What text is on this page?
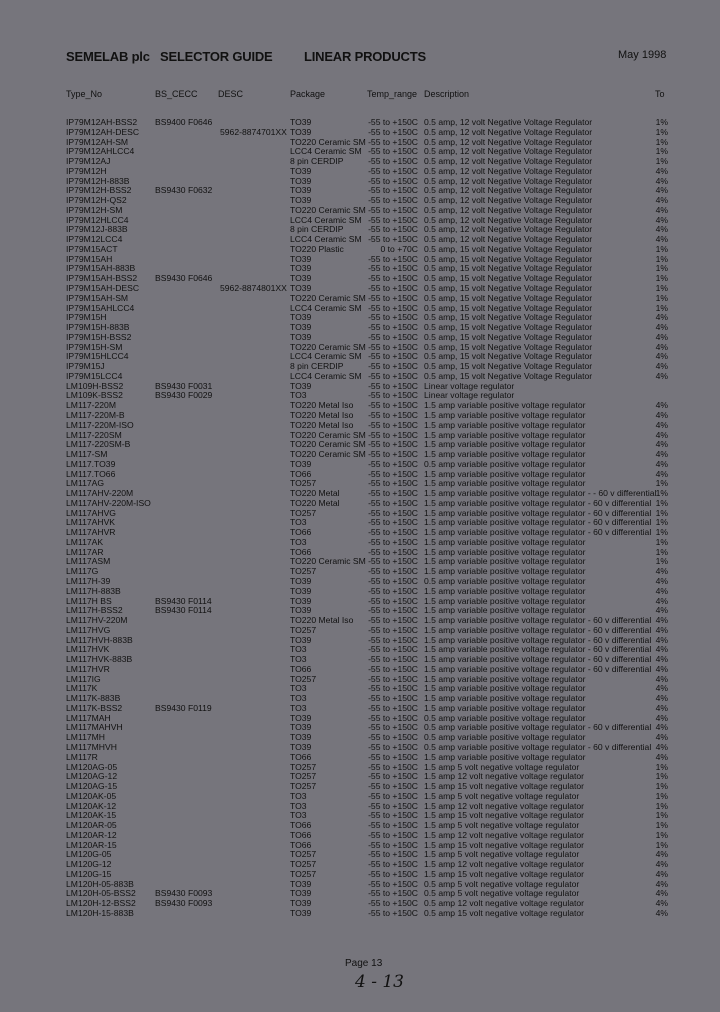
SEMELAB plc SELECTOR GUIDE LINEAR PRODUCTS	May 1998
Type_No	BS_CECC DESC	Package	Temp_range Description	To
IP79M12AH-BSS2 BS9400 F0646	TO39	-55 to +150C 0.5 amp, 12 volt Negative Voltage Regulator	1%
IP79M12AH-DESC	5962-8874701XX TO39	-55 to +150C 0.5 amp, 12 volt Negative Voltage Regulator	1%
IP79M12AH-SM	TO220 Ceramic SM -55 to +150C 0.5 amp, 12 volt Negative Voltage Regulator	1%
IP79M12AHLCC4	LCC4 Ceramic SM -55 to +150C 0.5 amp, 12 volt Negative Voltage Regulator	1%
IP79M12AJ	8 pin CERDIP	-55 to +150C 0.5 amp, 12 volt Negative Voltage Regulator	1%
IP79M12H	TO39	-55 to +150C 0.5 amp, 12 volt Negative Voltage Regulator	4%
IP79M12H-883B	TO39	-55 to +150C 0.5 amp, 12 volt Negative Voltage Regulator	4%
IP79M12H-BSS2	BS9430 F0632	TO39	-55 to +150C 0.5 amp, 12 volt Negative Voltage Regulator	4%
IP79M12H-QS2	TO39	-55 to +150C 0.5 amp, 12 volt Negative Voltage Regulator	4%
IP79M12H-SM	TO220 Ceramic SM -55 to +150C 0.5 amp, 12 volt Negative Voltage Regulator	4%
IP79M12HLCC4	LCC4 Ceramic SM -55 to +150C 0.5 amp, 12 volt Negative Voltage Regulator	4%
IP79M12J-883B	8 pin CERDIP	-55 to +150C 0.5 amp, 12 volt Negative Voltage Regulator	4%
IP79M12LCC4	LCC4 Ceramic SM -55 to +150C 0.5 amp, 12 volt Negative Voltage Regulator	4%
IP79M15ACT	TO220 Plastic	0 to +70C 0.5 amp, 15 volt Negative Voltage Regulator	1%
IP79M15AH	TO39	-55 to +150C 0.5 amp, 15 volt Negative Voltage Regulator	1%
IP79M15AH-883B	TO39	-55 to +150C 0.5 amp, 15 volt Negative Voltage Regulator	1%
IP79M15AH-BSS2 BS9430 F0646	TO39	-55 to +150C 0.5 amp, 15 volt Negative Voltage Regulator	1%
IP79M15AH-DESC	5962-8874801XX TO39	-55 to +150C 0.5 amp, 15 volt Negative Voltage Regulator	1%
IP79M15AH-SM	TO220 Ceramic SM -55 to +150C 0.5 amp, 15 volt Negative Voltage Regulator	1%
IP79M15AHLCC4	LCC4 Ceramic SM -55 to +150C 0.5 amp, 15 volt Negative Voltage Regulator	1%
IP79M15H	TO39	-55 to +150C 0.5 amp, 15 volt Negative Voltage Regulator	4%
IP79M15H-883B	TO39	-55 to +150C 0.5 amp, 15 volt Negative Voltage Regulator	4%
IP79M15H-BSS2	TO39	-55 to +150C 0.5 amp, 15 volt Negative Voltage Regulator	4%
IP79M15H-SM	TO220 Ceramic SM -55 to +150C 0.5 amp, 15 volt Negative Voltage Regulator	4%
IP79M15HLCC4	LCC4 Ceramic SM -55 to +150C 0.5 amp, 15 volt Negative Voltage Regulator	4%
IP79M15J	8 pin CERDIP	-55 to +150C 0.5 amp, 15 volt Negative Voltage Regulator	4%
IP79M15LCC4	LCC4 Ceramic SM -55 to +150C 0.5 amp, 15 volt Negative Voltage Regulator	4%
LM109H-BSS2	BS9430 F0031	TO39	-55 to +150C Linear voltage regulator
LM109K-BSS2	BS9430 F0029	TO3	-55 to +150C Linear voltage regulator
LM117-220M	TO220 Metal Iso	-55 to +150C 1.5 amp variable positive voltage regulator	4%
LM117-220M-B	TO220 Metal Iso	-55 to +150C 1.5 amp variable positive voltage regulator	4%
LM117-220M-ISO	TO220 Metal Iso	-55 to +150C 1.5 amp variable positive voltage regulator	4%
LM117-220SM	TO220 Ceramic SM -55 to +150C 1.5 amp variable positive voltage regulator	4%
LM117-220SM-B	TO220 Ceramic SM -55 to +150C 1.5 amp variable positive voltage regulator	4%
LM117-SM	TO220 Ceramic SM -55 to +150C 1.5 amp variable positive voltage regulator	4%
LM117.TO39	TO39	-55 to +150C 0.5 amp variable positive voltage regulator	4%
LM117.TO66	TO66	-55 to +150C 1.5 amp variable positive voltage regulator	4%
LM117AG	TO257	-55 to +150C 1.5 amp variable positive voltage regulator	1%
LM117AHV-220M	TO220 Metal	-55 to +150C 1.5 amp variable positive voltage regulator - - 60 v differential 1%
LM117AHV-220M-ISO	TO220 Metal	-55 to +150C 1.5 amp variable positive voltage regulator - 60 v differential 1%
LM117AHVG	TO257	-55 to +150C 1.5 amp variable positive voltage regulator - 60 v differential 1%
LM117AHVK	TO3	-55 to +150C 1.5 amp variable positive voltage regulator - 60 v differential 1%
LM117AHVR	TO66	-55 to +150C 1.5 amp variable positive voltage regulator - 60 v differential 1%
LM117AK	TO3	-55 to +150C 1.5 amp variable positive voltage regulator	1%
LM117AR	TO66	-55 to +150C 1.5 amp variable positive voltage regulator	1%
LM117ASM	TO220 Ceramic SM -55 to +150C 1.5 amp variable positive voltage regulator	1%
LM117G	TO257	-55 to +150C 1.5 amp variable positive voltage regulator	4%
LM117H-39	TO39	-55 to +150C 0.5 amp variable positive voltage regulator	4%
LM117H-883B	TO39	-55 to +150C 1.5 amp variable positive voltage regulator	4%
LM117H BS	BS9430 F0114	TO39	-55 to +150C 1.5 amp variable positive voltage regulator	4%
LM117H-BSS2	BS9430 F0114	TO39	-55 to +150C 1.5 amp variable positive voltage regulator	4%
LM117HV-220M	TO220 Metal Iso	-55 to +150C 1.5 amp variable positive voltage regulator - 60 v differential 4%
LM117HVG	TO257	-55 to +150C 1.5 amp variable positive voltage regulator - 60 v differential 4%
LM117HVH-883B	TO39	-55 to +150C 1.5 amp variable positive voltage regulator - 60 v differential 4%
LM117HVK	TO3	-55 to +150C 1.5 amp variable positive voltage regulator - 60 v differential 4%
LM117HVK-883B	TO3	-55 to +150C 1.5 amp variable positive voltage regulator - 60 v differential 4%
LM117HVR	TO66	-55 to +150C 1.5 amp variable positive voltage regulator - 60 v differential 4%
LM117IG	TO257	-55 to +150C 1.5 amp variable positive voltage regulator	4%
LM117K	TO3	-55 to +150C 1.5 amp variable positive voltage regulator	4%
LM117K-883B	TO3	-55 to +150C 1.5 amp variable positive voltage regulator	4%
LM117K-BSS2	BS9430 F0119	TO3	-55 to +150C 1.5 amp variable positive voltage regulator	4%
LM117MAH	TO39	-55 to +150C 0.5 amp variable positive voltage regulator	4%
LM117MAHVH	TO39	-55 to +150C 0.5 amp variable positive voltage regulator - 60 v differential 4%
LM117MH	TO39	-55 to +150C 0.5 amp variable positive voltage regulator	4%
LM117MHVH	TO39	-55 to +150C 0.5 amp variable positive voltage regulator - 60 v differential 4%
LM117R	TO66	-55 to +150C 1.5 amp variable positive voltage regulator	4%
LM120AG-05	TO257	-55 to +150C 1.5 amp 5 volt negative voltage regulator	1%
LM120AG-12	TO257	-55 to +150C 1.5 amp 12 volt negative voltage regulator	1%
LM120AG-15	TO257	-55 to +150C 1.5 amp 15 volt negative voltage regulator	1%
LM120AK-05	TO3	-55 to +150C 1.5 amp 5 volt negative voltage regulator	1%
LM120AK-12	TO3	-55 to +150C 1.5 amp 12 volt negative voltage regulator	1%
LM120AK-15	TO3	-55 to +150C 1.5 amp 15 volt negative voltage regulator	1%
LM120AR-05	TO66	-55 to +150C 1.5 amp 5 volt negative voltage regulator	1%
LM120AR-12	TO66	-55 to +150C 1.5 amp 12 volt negative voltage regulator	1%
LM120AR-15	TO66	-55 to +150C 1.5 amp 15 volt negative voltage regulator	1%
LM120G-05	TO257	-55 to +150C 1.5 amp 5 volt negative voltage regulator	4%
LM120G-12	TO257	-55 to +150C 1.5 amp 12 volt negative voltage regulator	4%
LM120G-15	TO257	-55 to +150C 1.5 amp 15 volt negative voltage regulator	4%
LM120H-05-883B	TO39	-55 to +150C 0.5 amp 5 volt negative voltage regulator	4%
LM120H-05-BSS2 BS9430 F0093	TO39	-55 to +150C 0.5 amp 5 volt negative voltage regulator	4%
LM120H-12-BSS2 BS9430 F0093	TO39	-55 to +150C 0.5 amp 12 volt negative voltage regulator	4%
LM120H-15-883B	TO39	-55 to +150C 0.5 amp 15 volt negative voltage regulator	4%
Page 13
4 - 13
